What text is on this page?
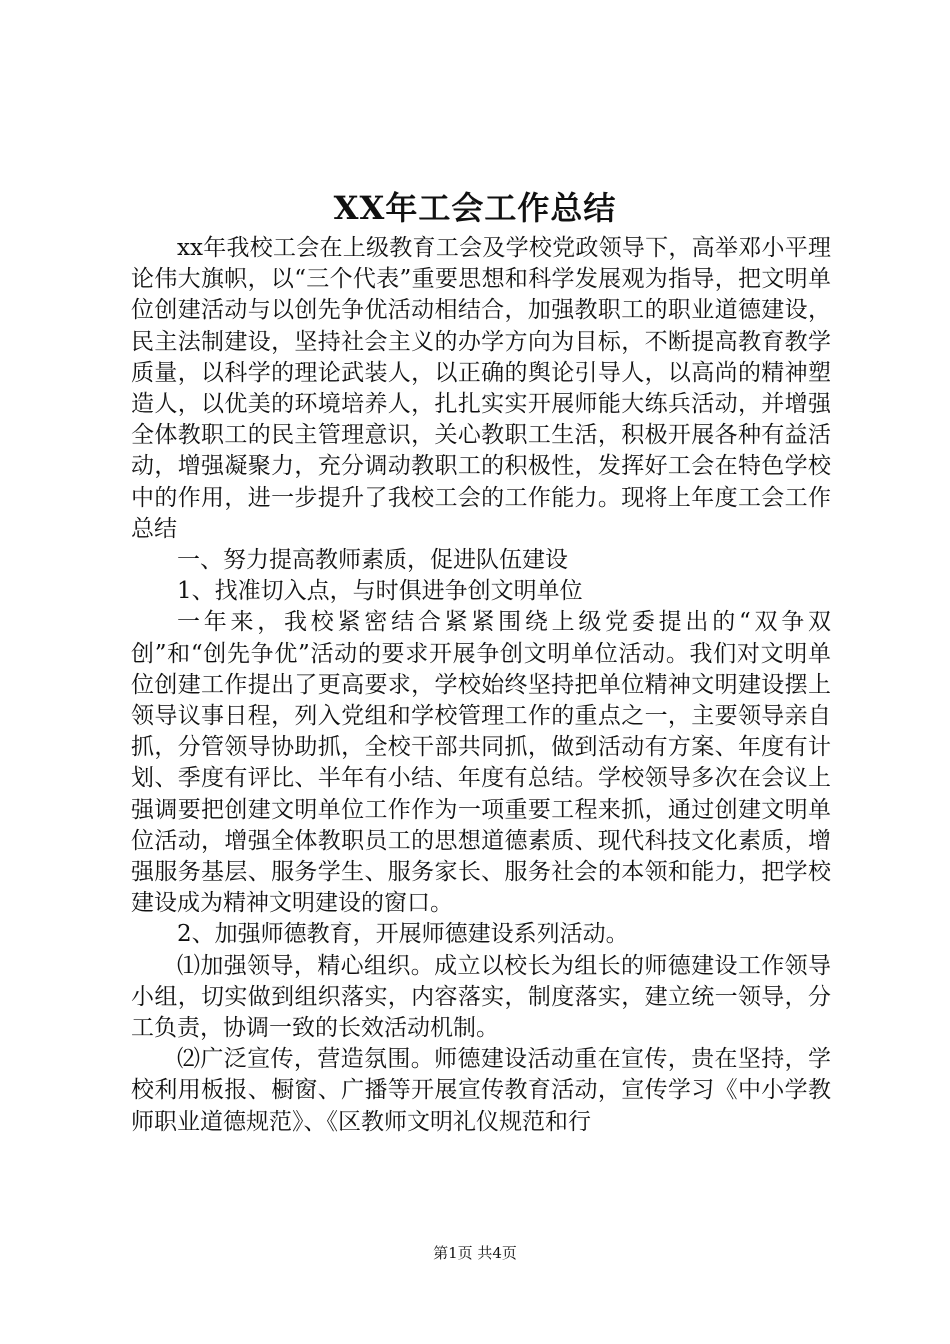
XX年工会工作总结

xx年我校工会在上级教育工会及学校党政领导下，高举邓小平理论伟大旗帜，以“三个代表”重要思想和科学发展观为指导，把文明单位创建活动与以创先争优活动相结合，加强教职工的职业道德建设，民主法制建设，坚持社会主义的办学方向为目标，不断提高教育教学质量，以科学的理论武装人，以正确的舆论引导人，以高尚的精神塑造人，以优美的环境培养人，扎扎实实开展师能大练兵活动，并增强全体教职工的民主管理意识，关心教职工生活，积极开展各种有益活动，增强凝聚力，充分调动教职工的积极性，发挥好工会在特色学校中的作用，进一步提升了我校工会的工作能力。现将上年度工会工作总结

一、努力提高教师素质，促进队伍建设

1、找准切入点，与时俱进争创文明单位

一年来，我校紧密结合紧紧围绕上级党委提出的“双争双创”和“创先争优”活动的要求开展争创文明单位活动。我们对文明单位创建工作提出了更高要求，学校始终坚持把单位精神文明建设摆上领导议事日程，列入党组和学校管理工作的重点之一，主要领导亲自抓，分管领导协助抓，全校干部共同抓，做到活动有方案、年度有计划、季度有评比、半年有小结、年度有总结。学校领导多次在会议上强调要把创建文明单位工作作为一项重要工程来抓，通过创建文明单位活动，增强全体教职员工的思想道德素质、现代科技文化素质，增强服务基层、服务学生、服务家长、服务社会的本领和能力，把学校建设成为精神文明建设的窗口。

2、加强师德教育，开展师德建设系列活动。

⑴加强领导，精心组织。成立以校长为组长的师德建设工作领导小组，切实做到组织落实，内容落实，制度落实，建立统一领导，分工负责，协调一致的长效活动机制。

⑵广泛宣传，营造氛围。师德建设活动重在宣传，贵在坚持，学校利用板报、橱窗、广播等开展宣传教育活动，宣传学习《中小学教师职业道德规范》、《区教师文明礼仪规范和行

第1页 共4页
